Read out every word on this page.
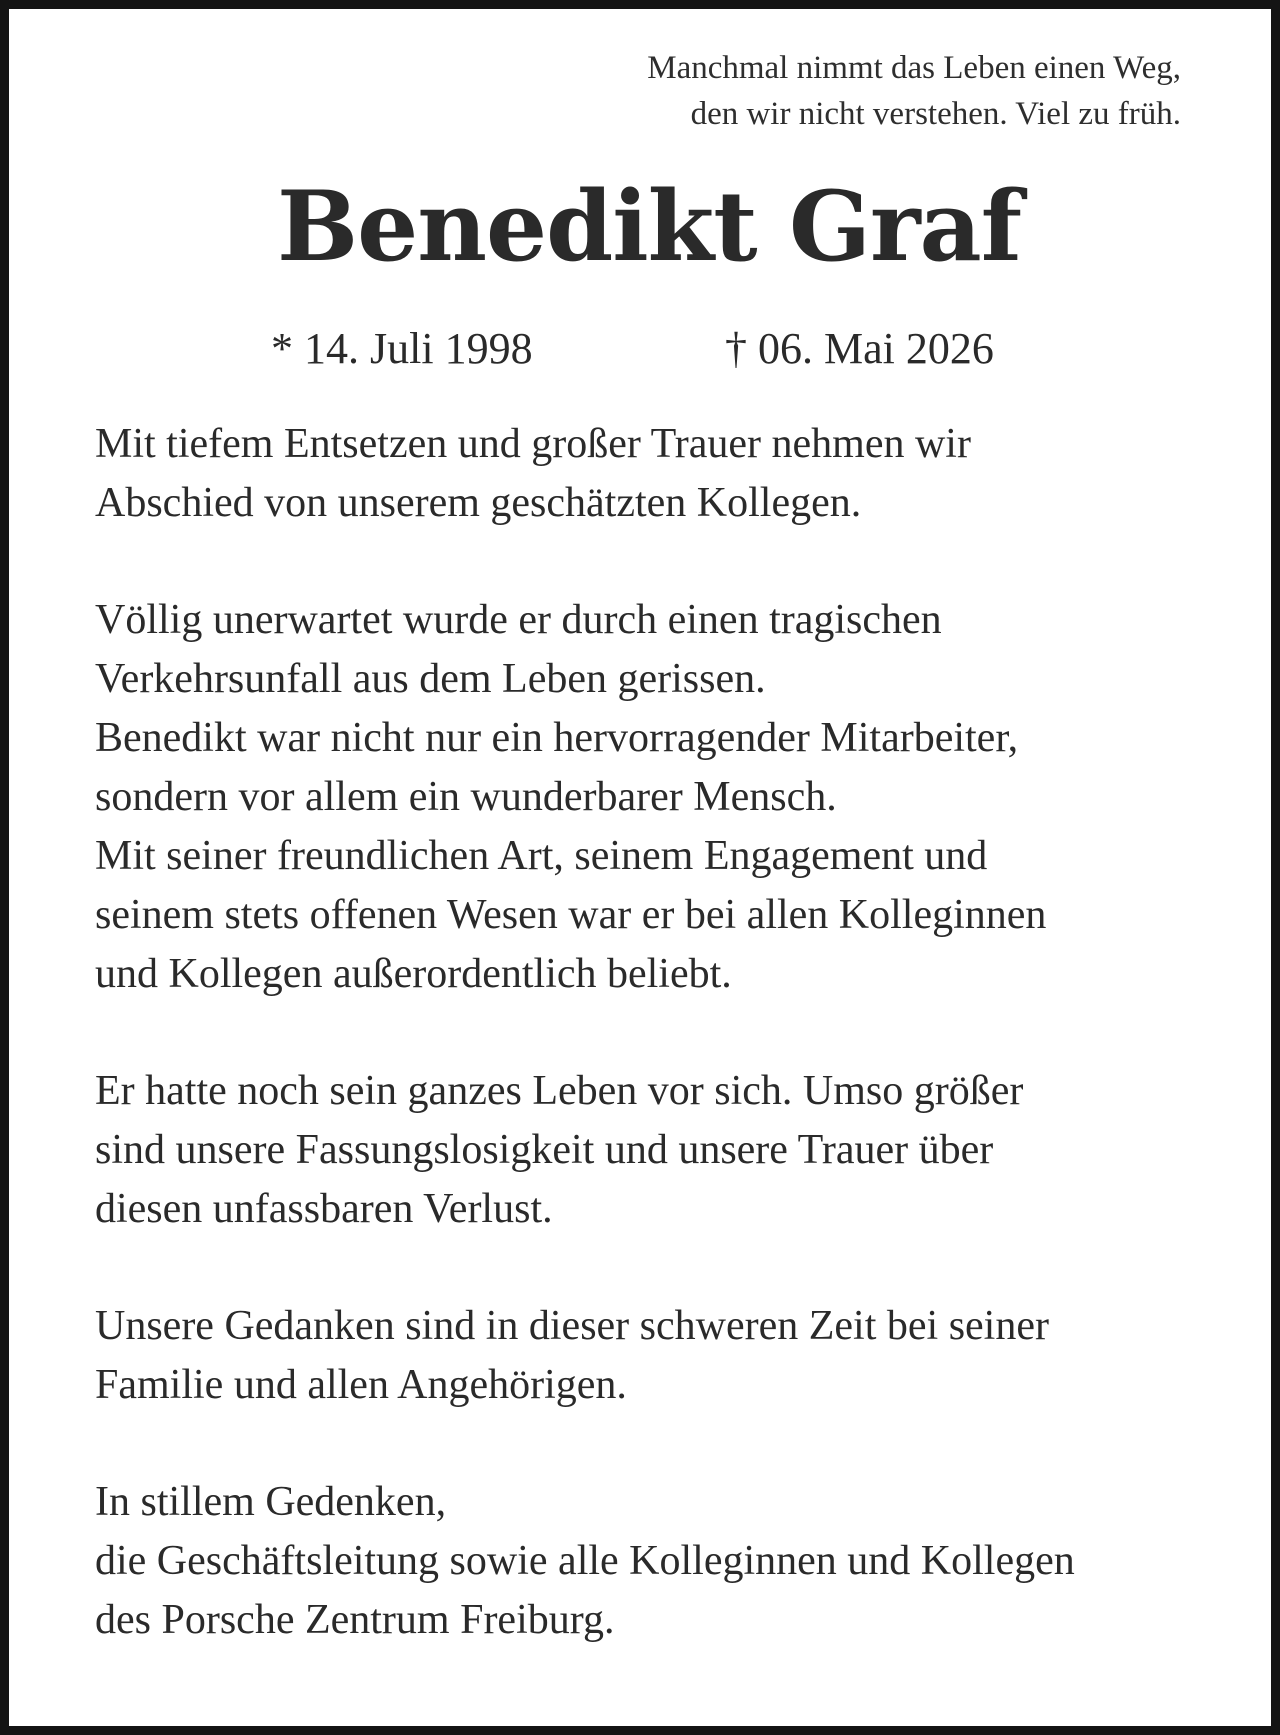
Manchmal nimmt das Leben einen Weg,
den wir nicht verstehen. Viel zu früh.
Benedikt Graf
* 14. Juli 1998	† 06. Mai 2026

Mit tiefem Entsetzen und großer Trauer nehmen wir
Abschied von unserem geschätzten Kollegen.

Völlig unerwartet wurde er durch einen tragischen
Verkehrsunfall aus dem Leben gerissen.
Benedikt war nicht nur ein hervorragender Mitarbeiter,
sondern vor allem ein wunderbarer Mensch.
Mit seiner freundlichen Art, seinem Engagement und
seinem stets offenen Wesen war er bei allen Kolleginnen
und Kollegen außerordentlich beliebt.

Er hatte noch sein ganzes Leben vor sich. Umso größer
sind unsere Fassungslosigkeit und unsere Trauer über
diesen unfassbaren Verlust.

Unsere Gedanken sind in dieser schweren Zeit bei seiner
Familie und allen Angehörigen.

In stillem Gedenken,
die Geschäftsleitung sowie alle Kolleginnen und Kollegen
des Porsche Zentrum Freiburg.
